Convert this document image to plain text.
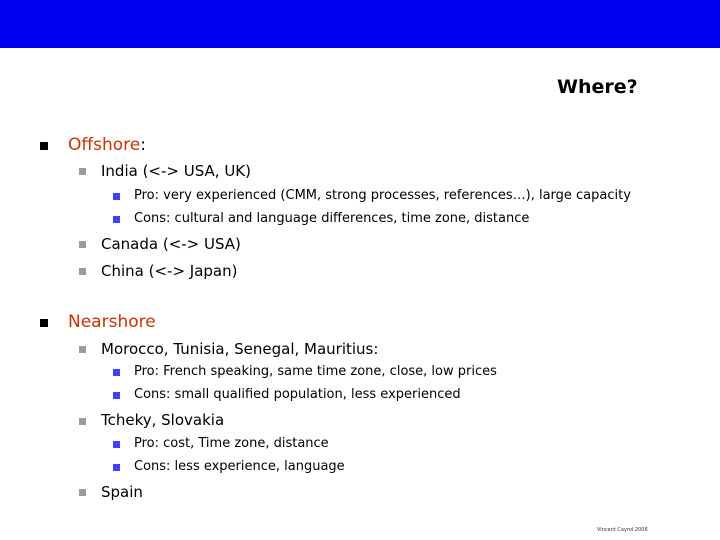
Where?
Offshore:
India (<-> USA, UK)
Pro: very experienced (CMM, strong processes, references…), large capacity
Cons: cultural and language differences, time zone, distance
Canada (<-> USA)
China (<-> Japan)
Nearshore
Morocco, Tunisia, Senegal, Mauritius:
Pro: French speaking, same time zone, close, low prices
Cons: small qualified population, less experienced
Tcheky, Slovakia
Pro: cost, Time zone, distance
Cons: less experience, language
Spain
Vincent Cayrol 2006
